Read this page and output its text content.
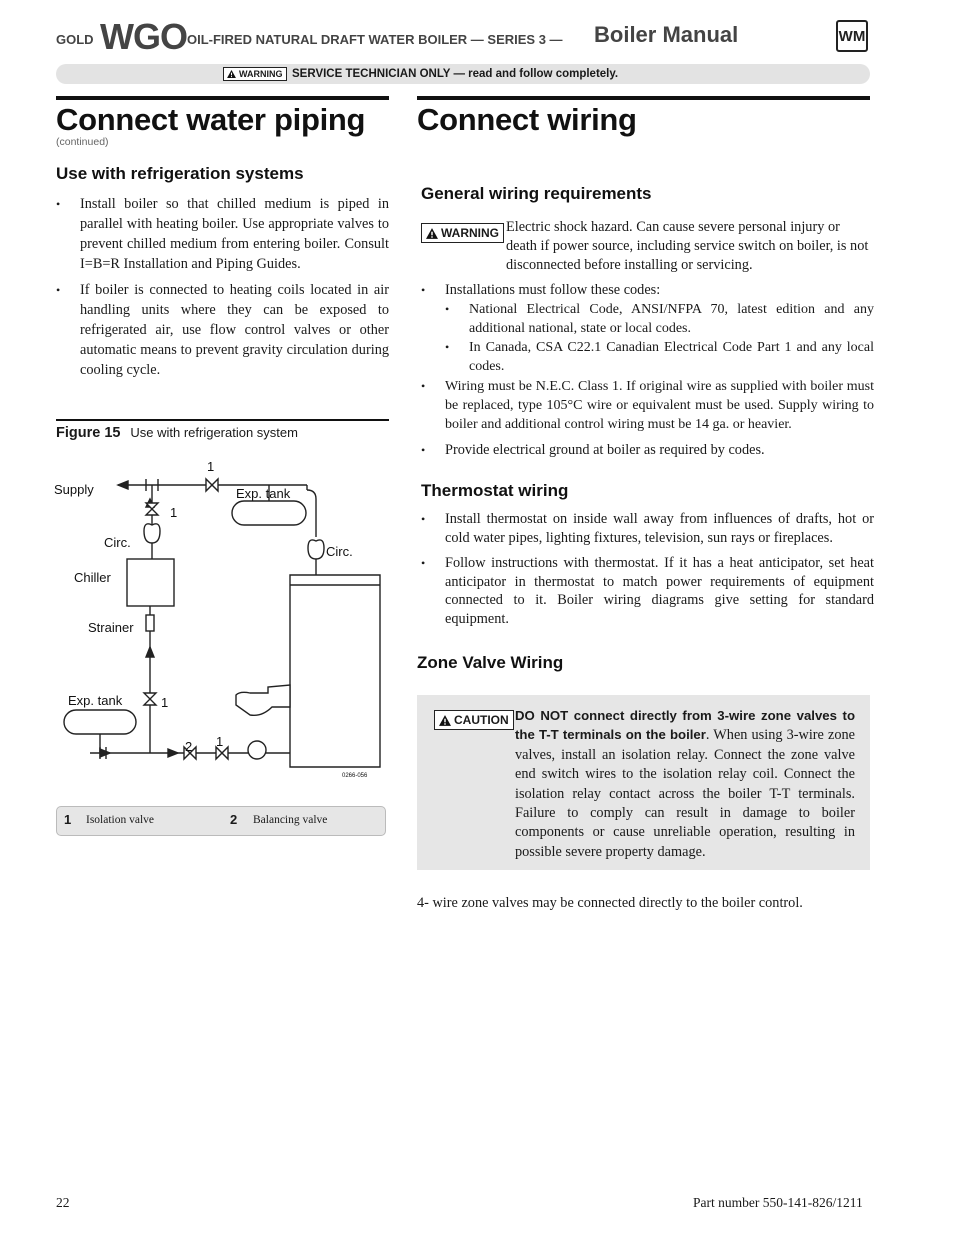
GOLD WGO OIL-FIRED NATURAL DRAFT WATER BOILER — SERIES 3 — Boiler Manual	WM
WARNING SERVICE TECHNICIAN ONLY — read and follow completely.
Connect water piping
(continued)
Use with refrigeration systems
• Install boiler so that chilled medium is piped in parallel with heating boiler. Use appropriate valves to prevent chilled medium from entering boiler. Consult I=B=R Installation and Piping Guides.
• If boiler is connected to heating coils located in air handling units where they can be exposed to refrigerated air, use flow control valves or other automatic means to prevent gravity circulation during cooling cycle.
Figure 15 Use with refrigeration system
Supply	Exp. tank
Circ.
Circ.
Chiller
Strainer
Exp. tank
1
1
1
1
2
0266-056
1 Isolation valve	2 Balancing valve
Connect wiring
General wiring requirements
WARNING Electric shock hazard. Can cause severe personal injury or death if power source, including service switch on boiler, is not disconnected before installing or servicing.
• Installations must follow these codes:
• National Electrical Code, ANSI/NFPA 70, latest edition and any additional national, state or local codes.
• In Canada, CSA C22.1 Canadian Electrical Code Part 1 and any local codes.
• Wiring must be N.E.C. Class 1. If original wire as supplied with boiler must be replaced, type 105°C wire or equivalent must be used. Supply wiring to boiler and additional control wiring must be 14 ga. or heavier.
• Provide electrical ground at boiler as required by codes.
Thermostat wiring
• Install thermostat on inside wall away from influences of drafts, hot or cold water pipes, lighting fixtures, television, sun rays or fireplaces.
• Follow instructions with thermostat. If it has a heat anticipator, set heat anticipator in thermostat to match power requirements of equipment connected to it. Boiler wiring diagrams give setting for standard equipment.
Zone Valve Wiring
CAUTION DO NOT connect directly from 3-wire zone valves to the T-T terminals on the boiler. When using 3-wire zone valves, install an isolation relay. Connect the zone valve end switch wires to the isolation relay coil. Connect the isolation relay contact across the boiler T-T terminals. Failure to comply can result in damage to boiler components or cause unreliable operation, resulting in possible severe property damage.
4- wire zone valves may be connected directly to the boiler control.
22	Part number 550-141-826/1211
